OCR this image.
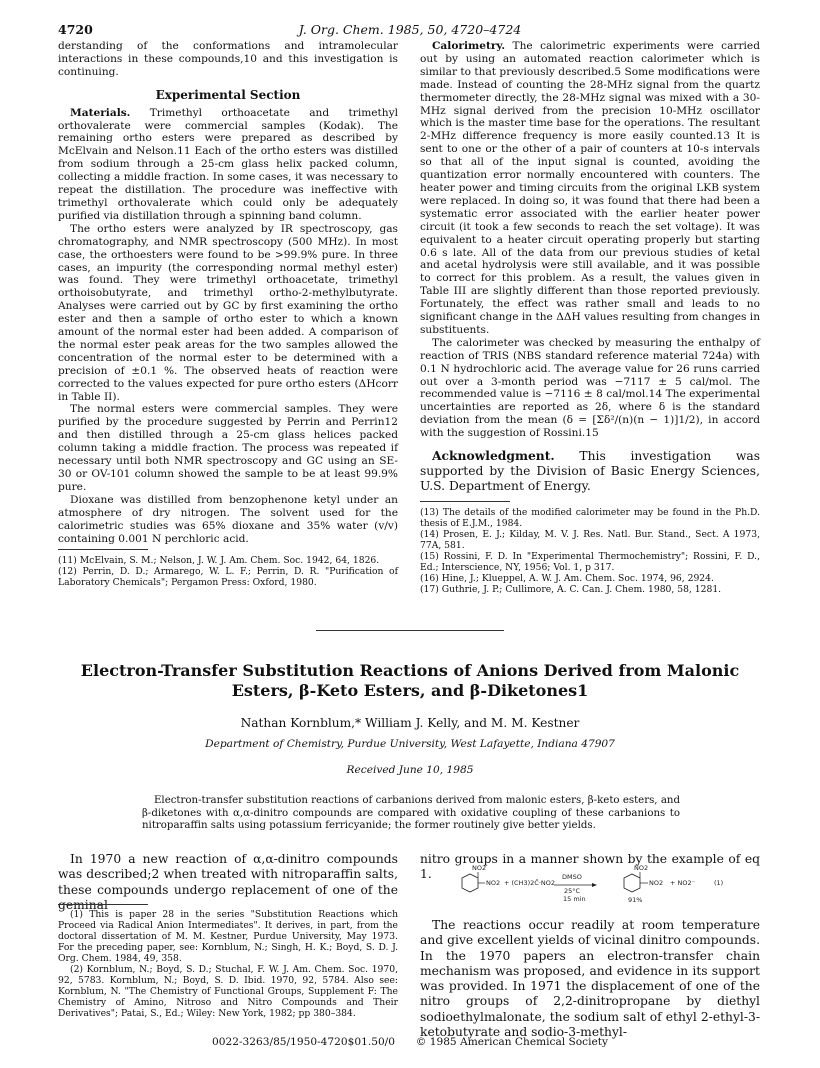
4720	J. Org. Chem. 1985, 50, 4720–4724

derstanding of the conformations and intramolecular interactions in these compounds,10 and this investigation is continuing.

Experimental Section

Materials. Trimethyl orthoacetate and trimethyl orthovalerate were commercial samples (Kodak). The remaining ortho esters were prepared as described by McElvain and Nelson.11 Each of the ortho esters was distilled from sodium through a 25-cm glass helix packed column, collecting a middle fraction. In some cases, it was necessary to repeat the distillation. The procedure was ineffective with trimethyl orthovalerate which could only be adequately purified via distillation through a spinning band column.

The ortho esters were analyzed by IR spectroscopy, gas chromatography, and NMR spectroscopy (500 MHz). In most case, the orthoesters were found to be >99.9% pure. In three cases, an impurity (the corresponding normal methyl ester) was found. They were trimethyl orthoacetate, trimethyl orthoisobutyrate, and trimethyl ortho-2-methylbutyrate. Analyses were carried out by GC by first examining the ortho ester and then a sample of ortho ester to which a known amount of the normal ester had been added. A comparison of the normal ester peak areas for the two samples allowed the concentration of the normal ester to be determined with a precision of ±0.1 %. The observed heats of reaction were corrected to the values expected for pure ortho esters (ΔHcorr in Table II).

The normal esters were commercial samples. They were purified by the procedure suggested by Perrin and Perrin12 and then distilled through a 25-cm glass helices packed column taking a middle fraction. The process was repeated if necessary until both NMR spectroscopy and GC using an SE-30 or OV-101 column showed the sample to be at least 99.9% pure.

Dioxane was distilled from benzophenone ketyl under an atmosphere of dry nitrogen. The solvent used for the calorimetric studies was 65% dioxane and 35% water (v/v) containing 0.001 N perchloric acid.

(11) McElvain, S. M.; Nelson, J. W. J. Am. Chem. Soc. 1942, 64, 1826.

(12) Perrin, D. D.; Armarego, W. L. F.; Perrin, D. R. "Purification of Laboratory Chemicals"; Pergamon Press: Oxford, 1980.

Calorimetry. The calorimetric experiments were carried out by using an automated reaction calorimeter which is similar to that previously described.5 Some modifications were made. Instead of counting the 28-MHz signal from the quartz thermometer directly, the 28-MHz signal was mixed with a 30-MHz signal derived from the precision 10-MHz oscillator which is the master time base for the operations. The resultant 2-MHz difference frequency is more easily counted.13 It is sent to one or the other of a pair of counters at 10-s intervals so that all of the input signal is counted, avoiding the quantization error normally encountered with counters. The heater power and timing circuits from the original LKB system were replaced. In doing so, it was found that there had been a systematic error associated with the earlier heater power circuit (it took a few seconds to reach the set voltage). It was equivalent to a heater circuit operating properly but starting 0.6 s late. All of the data from our previous studies of ketal and acetal hydrolysis were still available, and it was possible to correct for this problem. As a result, the values given in Table III are slightly different than those reported previously. Fortunately, the effect was rather small and leads to no significant change in the ΔΔH values resulting from changes in substituents.

The calorimeter was checked by measuring the enthalpy of reaction of TRIS (NBS standard reference material 724a) with 0.1 N hydrochloric acid. The average value for 26 runs carried out over a 3-month period was −7117 ± 5 cal/mol. The recommended value is −7116 ± 8 cal/mol.14 The experimental uncertainties are reported as 2δ, where δ is the standard deviation from the mean (δ = [Σδ²/(n)(n − 1)]1/2), in accord with the suggestion of Rossini.15

Acknowledgment. This investigation was supported by the Division of Basic Energy Sciences, U.S. Department of Energy.

(13) The details of the modified calorimeter may be found in the Ph.D. thesis of E.J.M., 1984.

(14) Prosen, E. J.; Kilday, M. V. J. Res. Natl. Bur. Stand., Sect. A 1973, 77A, 581.

(15) Rossini, F. D. In "Experimental Thermochemistry"; Rossini, F. D., Ed.; Interscience, NY, 1956; Vol. 1, p 317.

(16) Hine, J.; Klueppel, A. W. J. Am. Chem. Soc. 1974, 96, 2924.

(17) Guthrie, J. P.; Cullimore, A. C. Can. J. Chem. 1980, 58, 1281.

Electron-Transfer Substitution Reactions of Anions Derived from Malonic
Esters, β-Keto Esters, and β-Diketones1
Nathan Kornblum,* William J. Kelly, and M. M. Kestner
Department of Chemistry, Purdue University, West Lafayette, Indiana 47907
Received June 10, 1985
Electron-transfer substitution reactions of carbanions derived from malonic esters, β-keto esters, and β-diketones with α,α-dinitro compounds are compared with oxidative coupling of these carbanions to nitroparaffin salts using potassium ferricyanide; the former routinely give better yields.
In 1970 a new reaction of α,α-dinitro compounds was described;2 when treated with nitroparaffin salts, these compounds undergo replacement of one of the geminal

(1) This is paper 28 in the series "Substitution Reactions which Proceed via Radical Anion Intermediates". It derives, in part, from the doctoral dissertation of M. M. Kestner, Purdue University, May 1973. For the preceding paper, see: Kornblum, N.; Singh, H. K.; Boyd, S. D. J. Org. Chem. 1984, 49, 358.

(2) Kornblum, N.; Boyd, S. D.; Stuchal, F. W. J. Am. Chem. Soc. 1970, 92, 5783. Kornblum, N.; Boyd, S. D. Ibid. 1970, 92, 5784. Also see: Kornblum, N. "The Chemistry of Functional Groups, Supplement F: The Chemistry of Amino, Nitroso and Nitro Compounds and Their Derivatives"; Patai, S., Ed.; Wiley: New York, 1982; pp 380–384.

nitro groups in a manner shown by the example of eq 1.	NO2
NO2 + (CH3)2C̄·NO2
DMSO
25°C
15 min
NO2
NO2 + NO2⁻
91%
(1)
The reactions occur readily at room temperature and give excellent yields of vicinal dinitro compounds. In the 1970 papers an electron-transfer chain mechanism was proposed, and evidence in its support was provided. In 1971 the displacement of one of the nitro groups of 2,2-dinitropropane by diethyl sodioethylmalonate, the sodium salt of ethyl 2-ethyl-3-ketobutyrate and sodio-3-methyl-
0022-3263/85/1950-4720$01.50/0 © 1985 American Chemical Society
